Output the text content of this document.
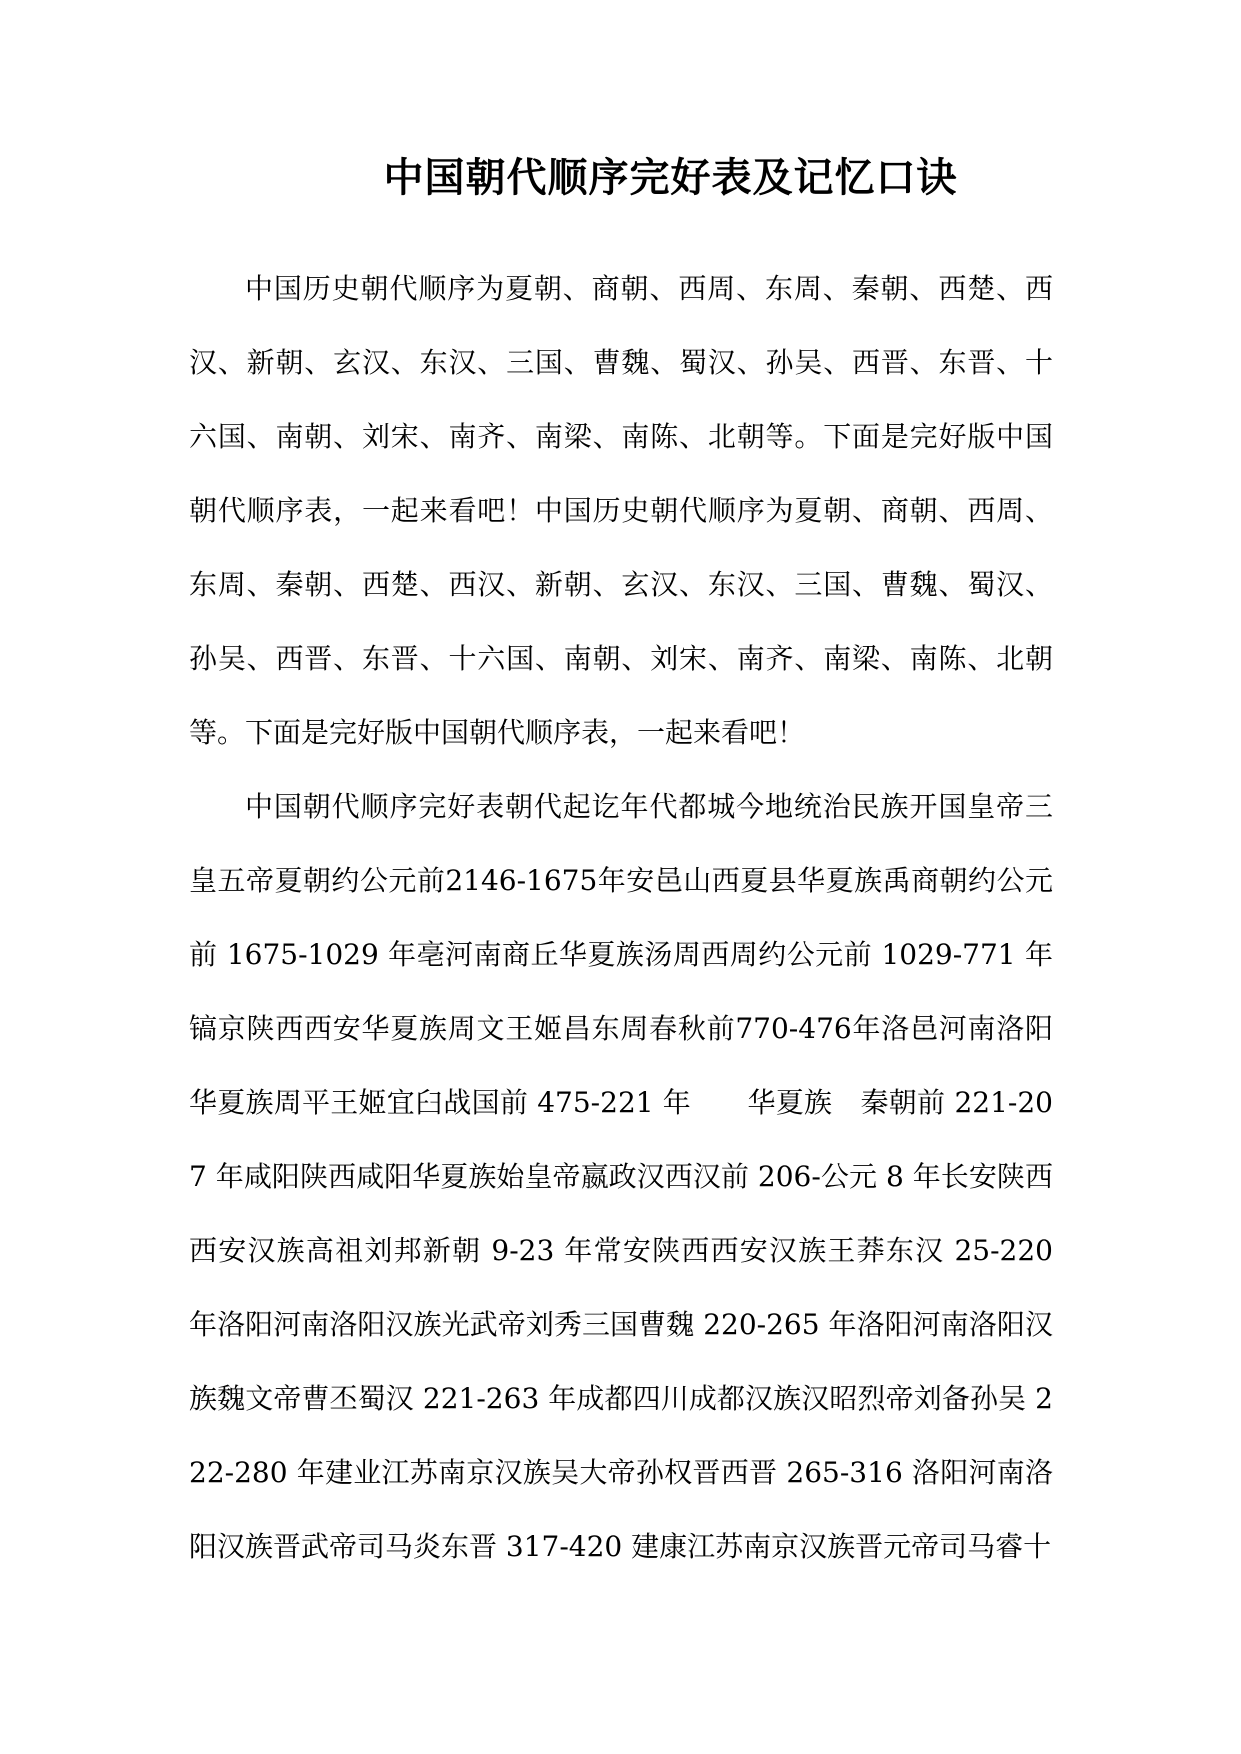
中国朝代顺序完好表及记忆口诀

中国历史朝代顺序为夏朝、商朝、西周、东周、秦朝、西楚、西汉、新朝、玄汉、东汉、三国、曹魏、蜀汉、孙吴、西晋、东晋、十六国、南朝、刘宋、南齐、南梁、南陈、北朝等。下面是完好版中国朝代顺序表，一起来看吧！中国历史朝代顺序为夏朝、商朝、西周、东周、秦朝、西楚、西汉、新朝、玄汉、东汉、三国、曹魏、蜀汉、孙吴、西晋、东晋、十六国、南朝、刘宋、南齐、南梁、南陈、北朝等。下面是完好版中国朝代顺序表，一起来看吧！

中国朝代顺序完好表朝代起讫年代都城今地统治民族开国皇帝三皇五帝夏朝约公元前2146-1675年安邑山西夏县华夏族禹商朝约公元前 1675-1029 年亳河南商丘华夏族汤周西周约公元前 1029-771 年镐京陕西西安华夏族周文王姬昌东周春秋前770-476年洛邑河南洛阳华夏族周平王姬宜臼战国前 475-221 年　　华夏族　秦朝前 221-207 年咸阳陕西咸阳华夏族始皇帝嬴政汉西汉前 206-公元 8 年长安陕西西安汉族高祖刘邦新朝 9-23 年常安陕西西安汉族王莽东汉 25-220 年洛阳河南洛阳汉族光武帝刘秀三国曹魏 220-265 年洛阳河南洛阳汉族魏文帝曹丕蜀汉 221-263 年成都四川成都汉族汉昭烈帝刘备孙吴 222-280 年建业江苏南京汉族吴大帝孙权晋西晋 265-316 洛阳河南洛阳汉族晋武帝司马炎东晋 317-420 建康江苏南京汉族晋元帝司马睿十
